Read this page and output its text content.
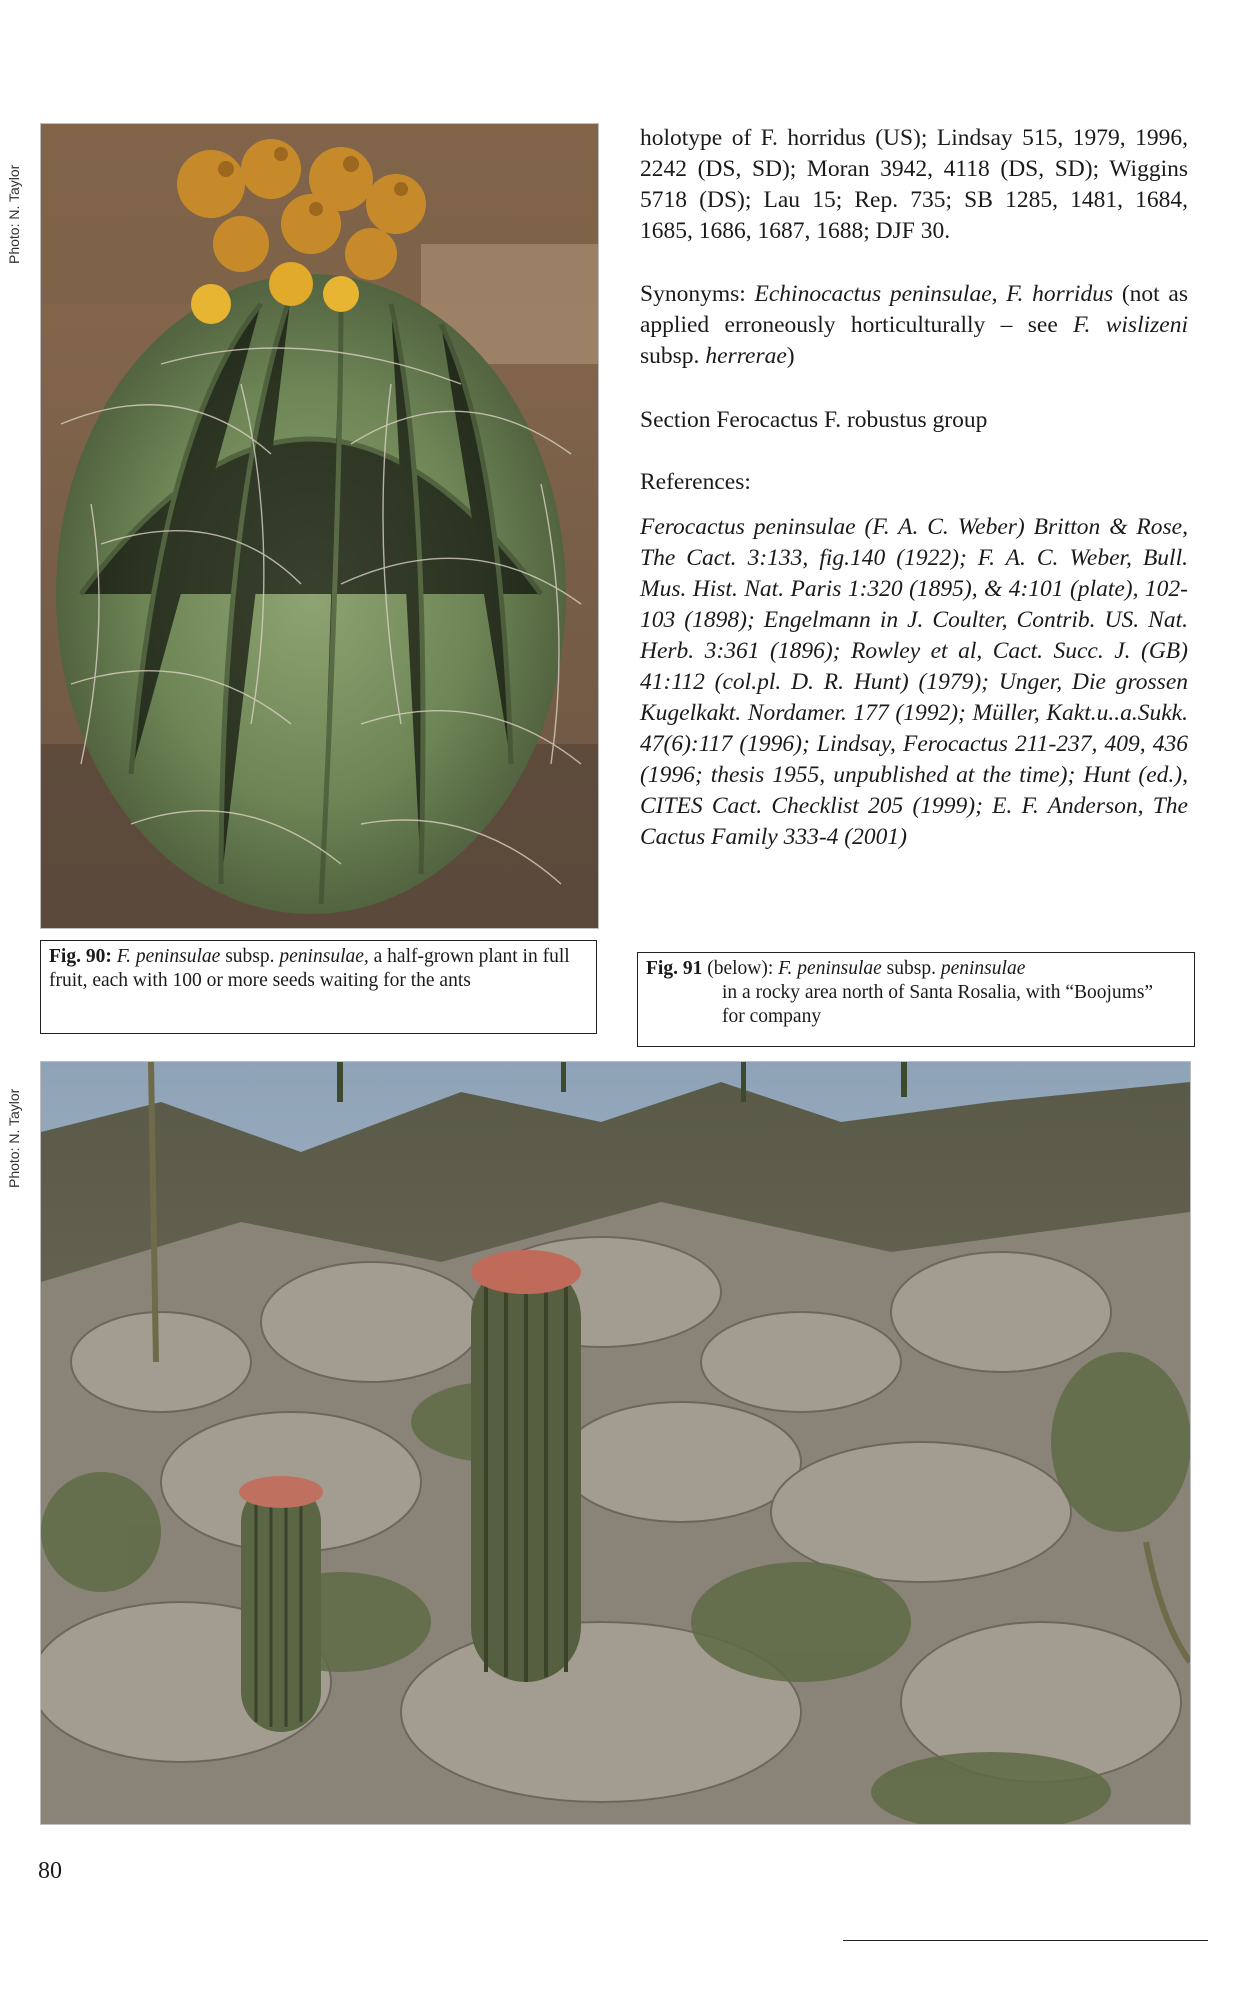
Photo: N. Taylor
Photo: N. Taylor
holotype of F. horridus (US); Lindsay 515, 1979, 1996, 2242 (DS, SD); Moran 3942, 4118 (DS, SD); Wiggins 5718 (DS); Lau 15; Rep. 735; SB 1285, 1481, 1684, 1685, 1686, 1687, 1688; DJF 30.
Synonyms: Echinocactus peninsulae, F. horridus (not as applied erroneously horticulturally – see F. wislizeni subsp. herrerae)
Section Ferocactus F. robustus group
References:
Ferocactus peninsulae (F. A. C. Weber) Britton & Rose, The Cact. 3:133, fig.140 (1922); F. A. C. Weber, Bull. Mus. Hist. Nat. Paris 1:320 (1895), & 4:101 (plate), 102-103 (1898); Engelmann in J. Coulter, Contrib. US. Nat. Herb. 3:361 (1896); Rowley et al, Cact. Succ. J. (GB) 41:112 (col.pl. D. R. Hunt) (1979); Unger, Die grossen Kugelkakt. Nordamer. 177 (1992); Müller, Kakt.u..a.Sukk. 47(6):117 (1996); Lindsay, Ferocactus 211-237, 409, 436 (1996; thesis 1955, unpublished at the time); Hunt (ed.), CITES Cact. Checklist 205 (1999); E. F. Anderson, The Cactus Family 333-4 (2001)
Fig. 90: F. peninsulae subsp. peninsulae, a half-grown plant in full fruit, each with 100 or more seeds waiting for the ants
Fig. 91 (below): F. peninsulae subsp. peninsulae
in a rocky area north of Santa Rosalia, with “Boojums” for company
80
